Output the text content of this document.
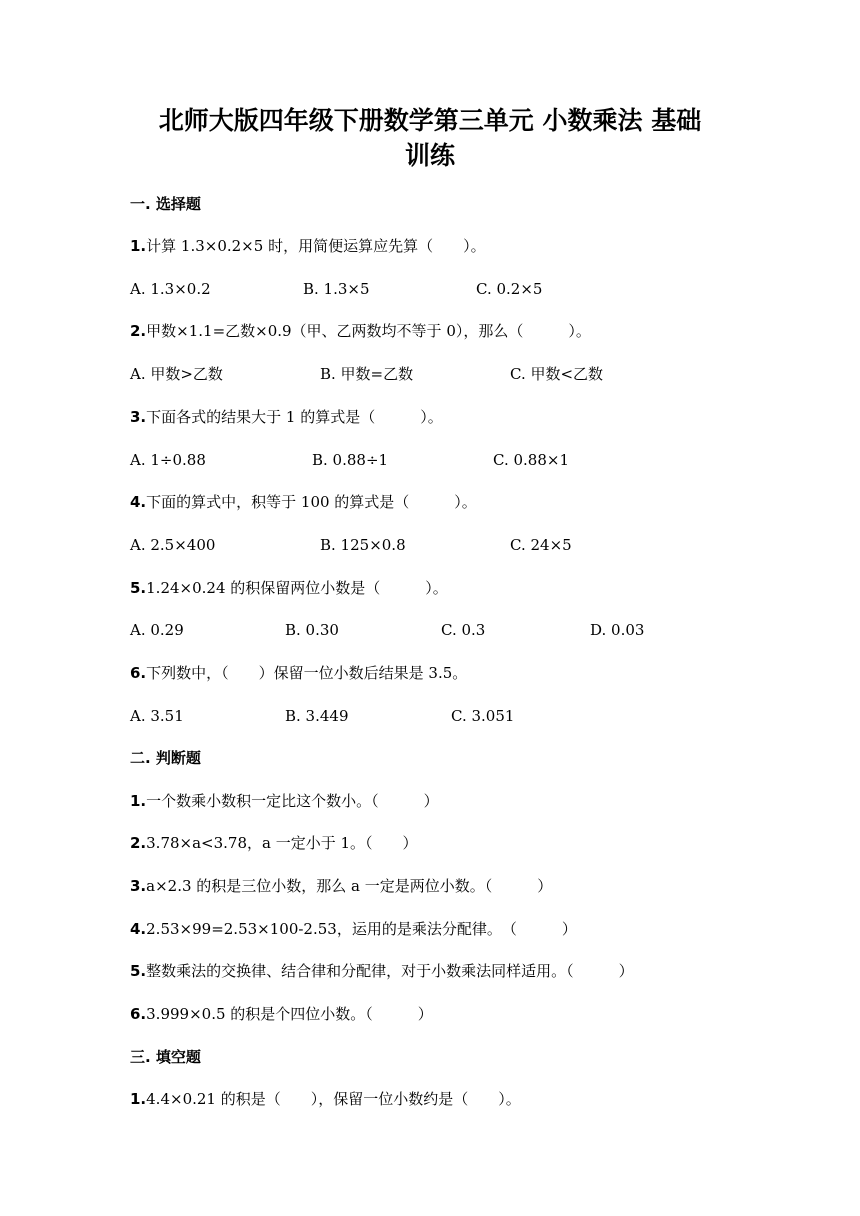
北师大版四年级下册数学第三单元 小数乘法 基础
训练
一. 选择题
1.计算 1.3×0.2×5 时，用简便运算应先算（　　）。
A. 1.3×0.2	B. 1.3×5	C. 0.2×5
2.甲数×1.1=乙数×0.9（甲、乙两数均不等于 0），那么（　　　）。
A. 甲数>乙数	B. 甲数=乙数	C. 甲数<乙数
3.下面各式的结果大于 1 的算式是（　　　）。
A. 1÷0.88	B. 0.88÷1	C. 0.88×1
4.下面的算式中，积等于 100 的算式是（　　　）。
A. 2.5×400	B. 125×0.8	C. 24×5
5.1.24×0.24 的积保留两位小数是（　　　）。
A. 0.29	B. 0.30	C. 0.3	D. 0.03
6.下列数中，（　　）保留一位小数后结果是 3.5。
A. 3.51	B. 3.449	C. 3.051
二. 判断题
1.一个数乘小数积一定比这个数小。（　　　）
2.3.78×a<3.78，a 一定小于 1。（　　）
3.a×2.3 的积是三位小数，那么 a 一定是两位小数。（　　　）
4.2.53×99=2.53×100-2.53，运用的是乘法分配律。　（　　　）
5.整数乘法的交换律、结合律和分配律，对于小数乘法同样适用。（　　　）
6.3.999×0.5 的积是个四位小数。（　　　）
三. 填空题
1.4.4×0.21 的积是（　　），保留一位小数约是（　　）。
